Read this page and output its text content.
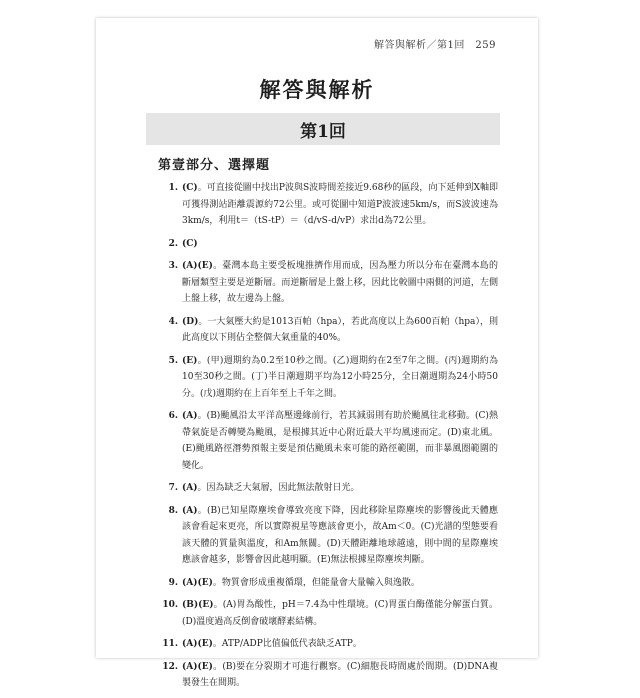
解答與解析／第1回　259
解答與解析
第1回
第壹部分、選擇題
1. (C)。可直接從圖中找出P波與S波時間差接近9.68秒的區段，向下延伸到X軸即可獲得測站距離震源約72公里。或可從圖中知道P波波速5km/s，而S波波速為3km/s，利用t＝（tS-tP）＝（d/vS-d/vP）求出d為72公里。
2. (C)
3. (A)(E)。臺灣本島主要受板塊推擠作用而成，因為壓力所以分布在臺灣本島的斷層類型主要是逆斷層。而逆斷層是上盤上移，因此比較圖中兩側的河道，左側上盤上移，故左邊為上盤。
4. (D)。一大氣壓大約是1013百帕（hpa），若此高度以上為600百帕（hpa），則此高度以下則佔全整個大氣重量的40%。
5. (E)。(甲)週期約為0.2至10秒之間。(乙)週期約在2至7年之間。(丙)週期約為10至30秒之間。(丁)半日潮週期平均為12小時25分，全日潮週期為24小時50分。(戊)週期約在上百年至上千年之間。
6. (A)。(B)颱風沿太平洋高壓邊緣前行，若其減弱則有助於颱風往北移動。(C)熱帶氣旋是否轉變為颱風，是根據其近中心附近最大平均風速而定。(D)東北風。(E)颱風路徑潛勢預報主要是預估颱風未來可能的路徑範圍，而非暴風圈範圍的變化。
7. (A)。因為缺乏大氣層，因此無法散射日光。
8. (A)。(B)已知星際塵埃會導致亮度下降，因此移除星際塵埃的影響後此天體應該會看起來更亮，所以實際視星等應該會更小，故Am＜0。(C)光譜的型態要看該天體的質量與溫度，和Am無關。(D)天體距離地球越遠，則中間的星際塵埃應該會越多，影響會因此越明顯。(E)無法根據星際塵埃判斷。
9. (A)(E)。物質會形成重複循環，但能量會大量輸入與逸散。
10. (B)(E)。(A)胃為酸性，pH＝7.4為中性環境。(C)胃蛋白酶僅能分解蛋白質。(D)溫度過高反倒會破壞酵素結構。
11. (A)(E)。ATP/ADP比值偏低代表缺乏ATP。
12. (A)(E)。(B)要在分裂期才可進行觀察。(C)細胞長時間處於間期。(D)DNA複製發生在間期。
